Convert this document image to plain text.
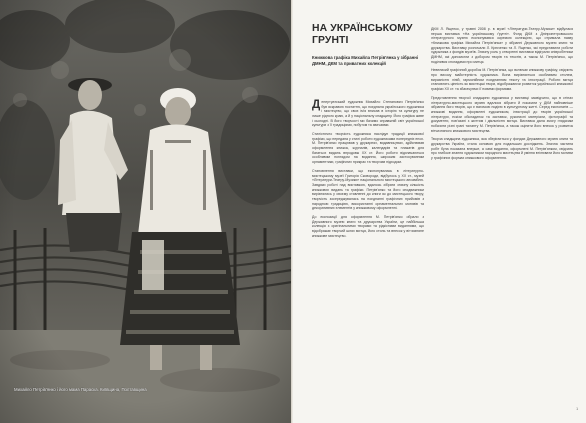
Михайло Петрів'янко і його мама Параска. Київщина, Полтавщина
НА УКРАЇНСЬКОМУ ГРУНТІ
Книжкова графіка Михайла Петрів'янка у зібранні ДМНМ, ДКМ та приватних колекцій

Депертуатський художник Михайло Степанович Петрів'янко був яскравою постаттю, що поєднала українського художника і мистецтво, що своє ім'я вписав в історію та культуру не лише рідного краю, а й у національну спадщину. Його графіка живе і сьогодні. В його творчості ми бачимо справжній світ української культури з її традиціями, побутом та звичаями.

Стилістично творчість художника наслідує традиції книжкової графіки, що передана у стилі роботи художниками попередніх епох. М. Петрів'янко працював у друкарнях, видавництвах, здійснював оформлення книжок, журналів, календарів та плакатів для багатьох видань впродовж XX ст. Його роботи відзначаються особливим поглядом на видання, широким застосуванням орнаментики, графічних прикрас та творчим підходом.

Становлення виставки, що експонувалась в літературно-мистецькому музеї Григорія Сковороди, відбулось у XX ст., музей «Літератури-Театру-Музики» національного мистецького ансамблю. Завдяки роботі над виставкою, вдалось зібрати значну кількість книжкових видань та графіки. Петрів'янко та його сподвижники вирізнялись у своєму ставленні до книги як до мистецького твору, творчість зосереджувалась на поєднанні графічних прийомів з народною традицією, використанні орнаментальних мотивів та декоративних елементів у книжковому оформленні.

До експозиції для оформлення М. Петрів'янко обрали з Державного музею книги та друкарства України, це найбільша колекція з оригінальними творами та рідкісними виданнями, що відображає творчий шлях митця, його стиль та внесок у вітчизняне книжкове мистецтво.

ДКМ Л. Ященко, у травні 2008 р. в музеї «Літератури-Театру-Музики» відбулася перша виставка «На українському ґрунті». Фонд ДКМ з Дніпропетровського літературного музею експонувався окремою колекцією, що отримала назву «Книжкова графіка Михайла Петрів'янка» у зібранні Державного музею книги та друкарства. Виставку розпочали Л. Крюченко та Л. Ященко, які представили роботи художника з фондів музеїв. Значну роль у створенні виставки відіграли співробітники ДМНМ, які допомогли з добором творів та текстів, а також М. Петрів'янко, що поділився спогадами про митця.

Невеликий графічний доробок М. Петрів'янка, що включає книжкову графіку, свідчить про високу майстерність художника. Вона вирізняється особливим стилем, виразністю ліній, гармонійним поєднанням тексту та ілюстрації. Роботи митця становлять цінність як мистецькі твори, відображаючи розвиток української книжкової графіки XX ст. та збагачуючи її новими формами.

Представлення творчої спадщини художника у виставці засвідчило, що в стінах літературно-мистецького музею вдалося зібрати й показати у ДКМ найповніше зібрання його творів, що є вагомою подією в культурному житті. Серед експонатів — книжкові видання, оформлені художником, ілюстрації до творів української літератури, ескізи обкладинок та заставок, рукописні матеріали, фотографії та документи, пов'язані з життям і діяльністю митця. Виставка дала змогу глядачам побачити різні грані таланту М. Петрів'янка, а також оцінити його внесок у розвиток вітчизняного книжкового мистецтва.

Творча спадщина художника, яка зберігається у фондах Державного музею книги та друкарства України, стала основою для подальших досліджень. Значна частина робіт була показана вперше, а самі видання, оформлені М. Петрів'янком, свідчать про глибоке знання художником народного мистецтва й уміння втілювати його мотиви у графічних формах книжкового оформлення.

1
